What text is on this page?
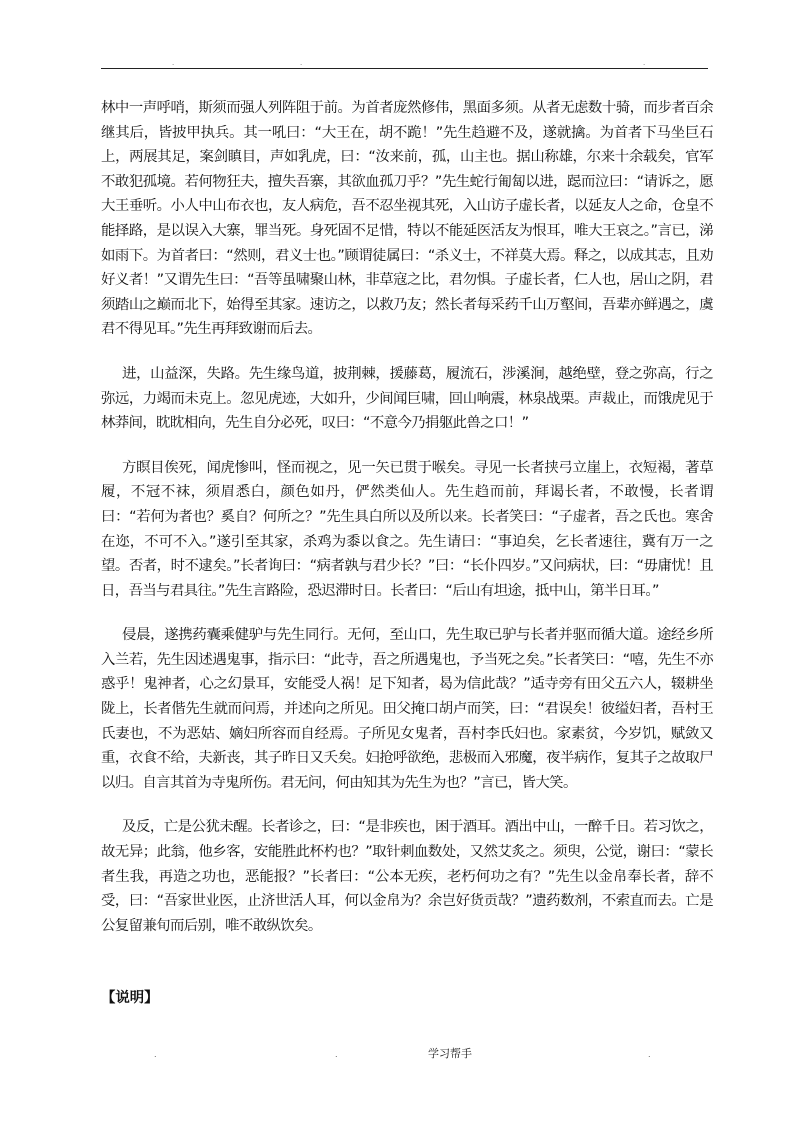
.	.	.

林中一声呼哨，斯须而强人列阵阻于前。为首者庞然修伟，黑面多须。从者无虑数十骑，而步者百余继其后，皆披甲执兵。其一吼曰：“大王在，胡不跪！”先生趋避不及，遂就擒。为首者下马坐巨石上，两展其足，案剑瞋目，声如乳虎，曰：“汝来前，孤，山主也。据山称雄，尔来十余载矣，官军不敢犯孤境。若何物狂夫，擅失吾寨，其欲血孤刀乎？”先生蛇行匍匐以进，跽而泣曰：“请诉之，愿大王垂听。小人中山布衣也，友人病危，吾不忍坐视其死，入山访子虚长者，以延友人之命，仓皇不能择路，是以误入大寨，罪当死。身死固不足惜，特以不能延医活友为恨耳，唯大王哀之。”言已，涕如雨下。为首者曰：“然则，君义士也。”顾谓徒属曰：“杀义士，不祥莫大焉。释之，以成其志，且劝好义者！”又谓先生曰：“吾等虽啸聚山林，非草寇之比，君勿惧。子虚长者，仁人也，居山之阴，君须踏山之巅而北下，始得至其家。速访之，以救乃友；然长者每采药千山万壑间，吾辈亦鲜遇之，虞君不得见耳。”先生再拜致谢而后去。

进，山益深，失路。先生缘鸟道，披荆棘，援藤葛，履流石，涉溪涧，越绝壁，登之弥高，行之弥远，力竭而未克上。忽见虎迹，大如升，少间闻巨啸，回山响震，林泉战栗。声裁止，而饿虎见于林莽间，眈眈相向，先生自分必死，叹曰：“不意今乃捐躯此兽之口！”

方瞑目俟死，闻虎惨叫，怪而视之，见一矢已贯于喉矣。寻见一长者挟弓立崖上，衣短褐，著草履，不冠不袜，须眉悉白，颜色如丹，俨然类仙人。先生趋而前，拜谒长者，不敢慢，长者谓曰：“若何为者也？奚自？何所之？”先生具白所以及所以来。长者笑曰：“子虚者，吾之氏也。寒舍在迩，不可不入。”遂引至其家，杀鸡为黍以食之。先生请曰：“事迫矣，乞长者速往，冀有万一之望。否者，时不逮矣。”长者询曰：“病者孰与君少长？”曰：“长仆四岁。”又问病状，曰：“毋庸忧！且日，吾当与君具往。”先生言路险，恐迟滞时日。长者曰：“后山有坦途，抵中山，第半日耳。”

侵晨，遂携药囊乘健驴与先生同行。无何，至山口，先生取已驴与长者并驱而循大道。途经乡所入兰若，先生因述遇鬼事，指示曰：“此寺，吾之所遇鬼也，予当死之矣。”长者笑曰：“嘻，先生不亦惑乎！鬼神者，心之幻景耳，安能受人祸！足下知者，曷为信此哉？”适寺旁有田父五六人，辍耕坐陇上，长者偕先生就而问焉，并述向之所见。田父掩口胡卢而笑，曰：“君误矣！彼缢妇者，吾村王氏妻也，不为恶姑、嫡妇所容而自经焉。子所见女鬼者，吾村李氏妇也。家素贫，今岁饥，赋敛又重，衣食不给，夫新丧，其子昨日又夭矣。妇抢呼欲绝，悲极而入邪魔，夜半病作，复其子之故取尸以归。自言其首为寺鬼所伤。君无问，何由知其为先生为也？”言已，皆大笑。

及反，亡是公犹未醒。长者诊之，曰：“是非疾也，困于酒耳。酒出中山，一醉千日。若习饮之，故无异；此翁，他乡客，安能胜此杯杓也？”取针刺血数处，又然艾炙之。须臾，公觉，谢曰：“蒙长者生我，再造之功也，恶能报？”长者曰：“公本无疾，老朽何功之有？”先生以金帛奉长者，辞不受，曰：“吾家世业医，止济世活人耳，何以金帛为？余岂好货贡哉？”遗药数剂，不索直而去。亡是公复留兼旬而后别，唯不敢纵饮矣。

【说明】
.	.	学习帮手	.
